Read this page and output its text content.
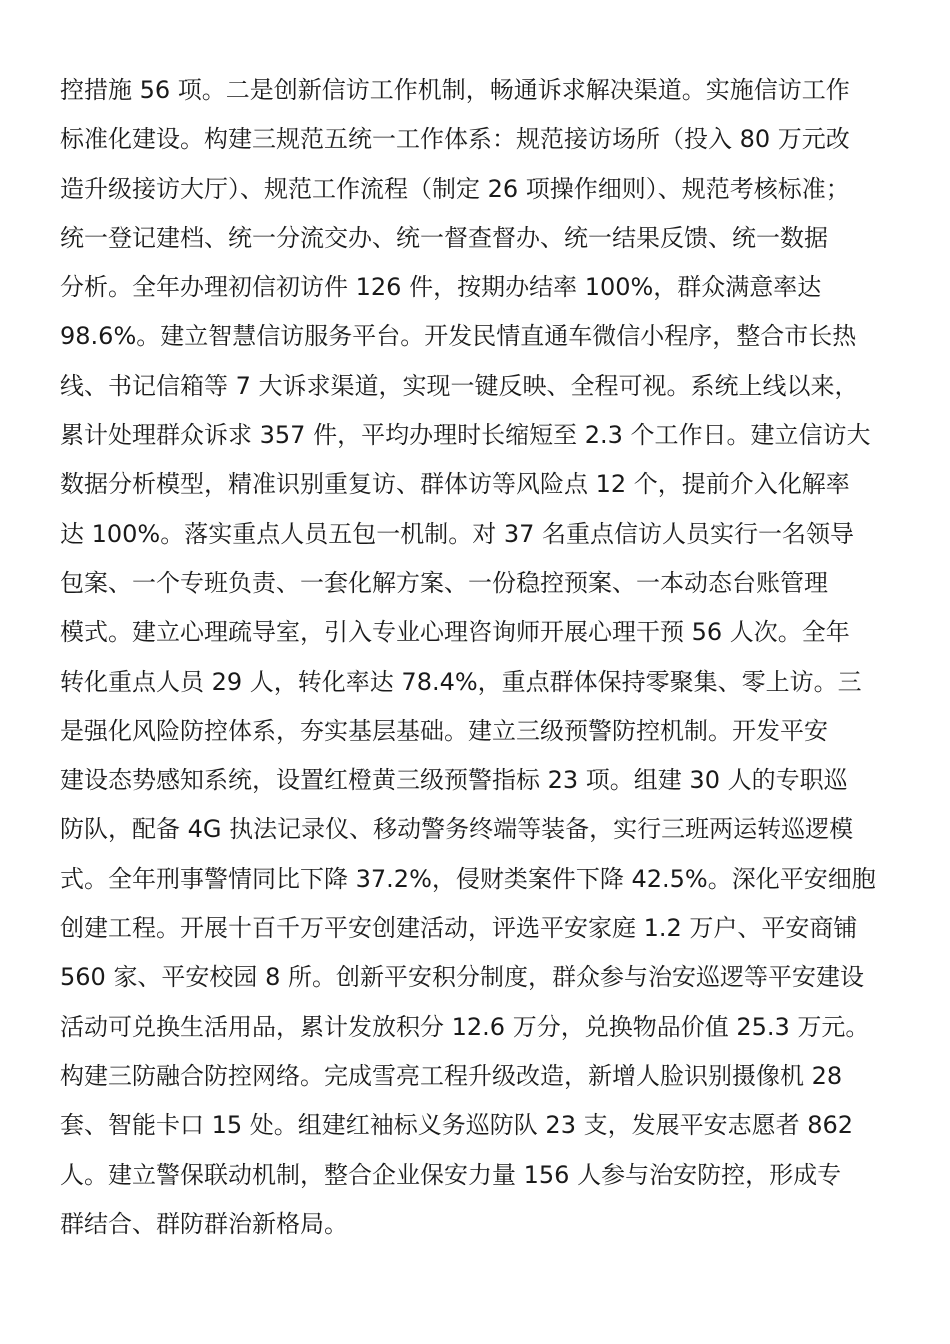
控措施 56 项。二是创新信访工作机制，畅通诉求解决渠道。实施信访工作
标准化建设。构建三规范五统一工作体系：规范接访场所（投入 80 万元改
造升级接访大厅）、规范工作流程（制定 26 项操作细则）、规范考核标准；
统一登记建档、统一分流交办、统一督查督办、统一结果反馈、统一数据
分析。全年办理初信初访件 126 件，按期办结率 100%，群众满意率达
98.6%。建立智慧信访服务平台。开发民情直通车微信小程序，整合市长热
线、书记信箱等 7 大诉求渠道，实现一键反映、全程可视。系统上线以来，
累计处理群众诉求 357 件，平均办理时长缩短至 2.3 个工作日。建立信访大
数据分析模型，精准识别重复访、群体访等风险点 12 个，提前介入化解率
达 100%。落实重点人员五包一机制。对 37 名重点信访人员实行一名领导
包案、一个专班负责、一套化解方案、一份稳控预案、一本动态台账管理
模式。建立心理疏导室，引入专业心理咨询师开展心理干预 56 人次。全年
转化重点人员 29 人，转化率达 78.4%，重点群体保持零聚集、零上访。三
是强化风险防控体系，夯实基层基础。建立三级预警防控机制。开发平安
建设态势感知系统，设置红橙黄三级预警指标 23 项。组建 30 人的专职巡
防队，配备 4G 执法记录仪、移动警务终端等装备，实行三班两运转巡逻模
式。全年刑事警情同比下降 37.2%，侵财类案件下降 42.5%。深化平安细胞
创建工程。开展十百千万平安创建活动，评选平安家庭 1.2 万户、平安商铺
560 家、平安校园 8 所。创新平安积分制度，群众参与治安巡逻等平安建设
活动可兑换生活用品，累计发放积分 12.6 万分，兑换物品价值 25.3 万元。
构建三防融合防控网络。完成雪亮工程升级改造，新增人脸识别摄像机 28
套、智能卡口 15 处。组建红袖标义务巡防队 23 支，发展平安志愿者 862
人。建立警保联动机制，整合企业保安力量 156 人参与治安防控，形成专
群结合、群防群治新格局。
